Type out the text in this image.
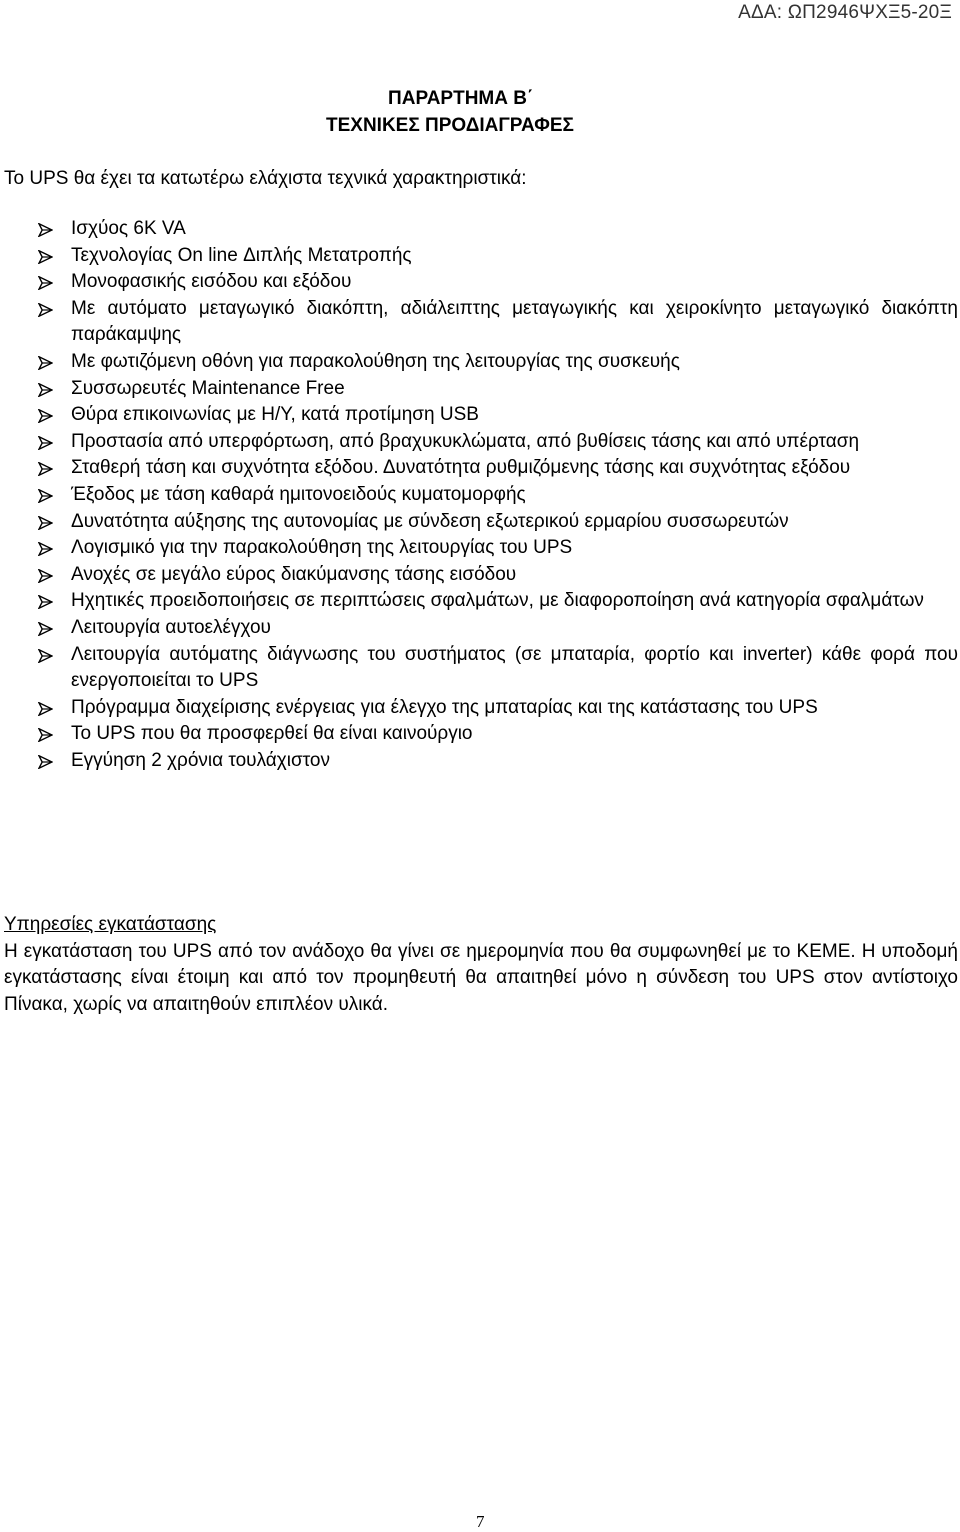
ΑΔΑ: ΩΠ2946ΨΧΞ5-20Ξ
ΠΑΡΑΡΤΗΜΑ Β΄
ΤΕΧΝΙΚΕΣ ΠΡΟΔΙΑΓΡΑΦΕΣ
Το UPS θα έχει τα κατωτέρω ελάχιστα τεχνικά χαρακτηριστικά:
Ισχύος 6K VA
Τεχνολογίας On line Διπλής Μετατροπής
Μονοφασικής εισόδου και εξόδου
Με αυτόματο μεταγωγικό διακόπτη, αδιάλειπτης μεταγωγικής και χειροκίνητο μεταγωγικό διακόπτη παράκαμψης
Με φωτιζόμενη οθόνη για παρακολούθηση της λειτουργίας της συσκευής
Συσσωρευτές Maintenance Free
Θύρα επικοινωνίας με Η/Υ, κατά προτίμηση USB
Προστασία από υπερφόρτωση, από βραχυκυκλώματα, από βυθίσεις τάσης και από υπέρταση
Σταθερή τάση και συχνότητα εξόδου. Δυνατότητα ρυθμιζόμενης τάσης και συχνότητας εξόδου
Έξοδος με τάση καθαρά ημιτονοειδούς κυματομορφής
Δυνατότητα αύξησης της αυτονομίας με σύνδεση εξωτερικού ερμαρίου συσσωρευτών
Λογισμικό για την παρακολούθηση της λειτουργίας του UPS
Ανοχές σε μεγάλο εύρος διακύμανσης τάσης εισόδου
Ηχητικές προειδοποιήσεις σε περιπτώσεις σφαλμάτων, με διαφοροποίηση ανά κατηγορία σφαλμάτων
Λειτουργία αυτοελέγχου
Λειτουργία αυτόματης διάγνωσης του συστήματος (σε μπαταρία, φορτίο και inverter) κάθε φορά που ενεργοποιείται το UPS
Πρόγραμμα διαχείρισης ενέργειας για έλεγχο της μπαταρίας και της κατάστασης του UPS
Το UPS που θα προσφερθεί θα είναι καινούργιο
Εγγύηση 2 χρόνια τουλάχιστον
Υπηρεσίες εγκατάστασης
Η εγκατάσταση του UPS από τον ανάδοχο θα γίνει σε ημερομηνία που θα συμφωνηθεί με το ΚΕΜΕ. Η υποδομή εγκατάστασης είναι έτοιμη και από τον προμηθευτή θα απαιτηθεί μόνο η σύνδεση του UPS στον αντίστοιχο Πίνακα, χωρίς να απαιτηθούν επιπλέον υλικά.
7
